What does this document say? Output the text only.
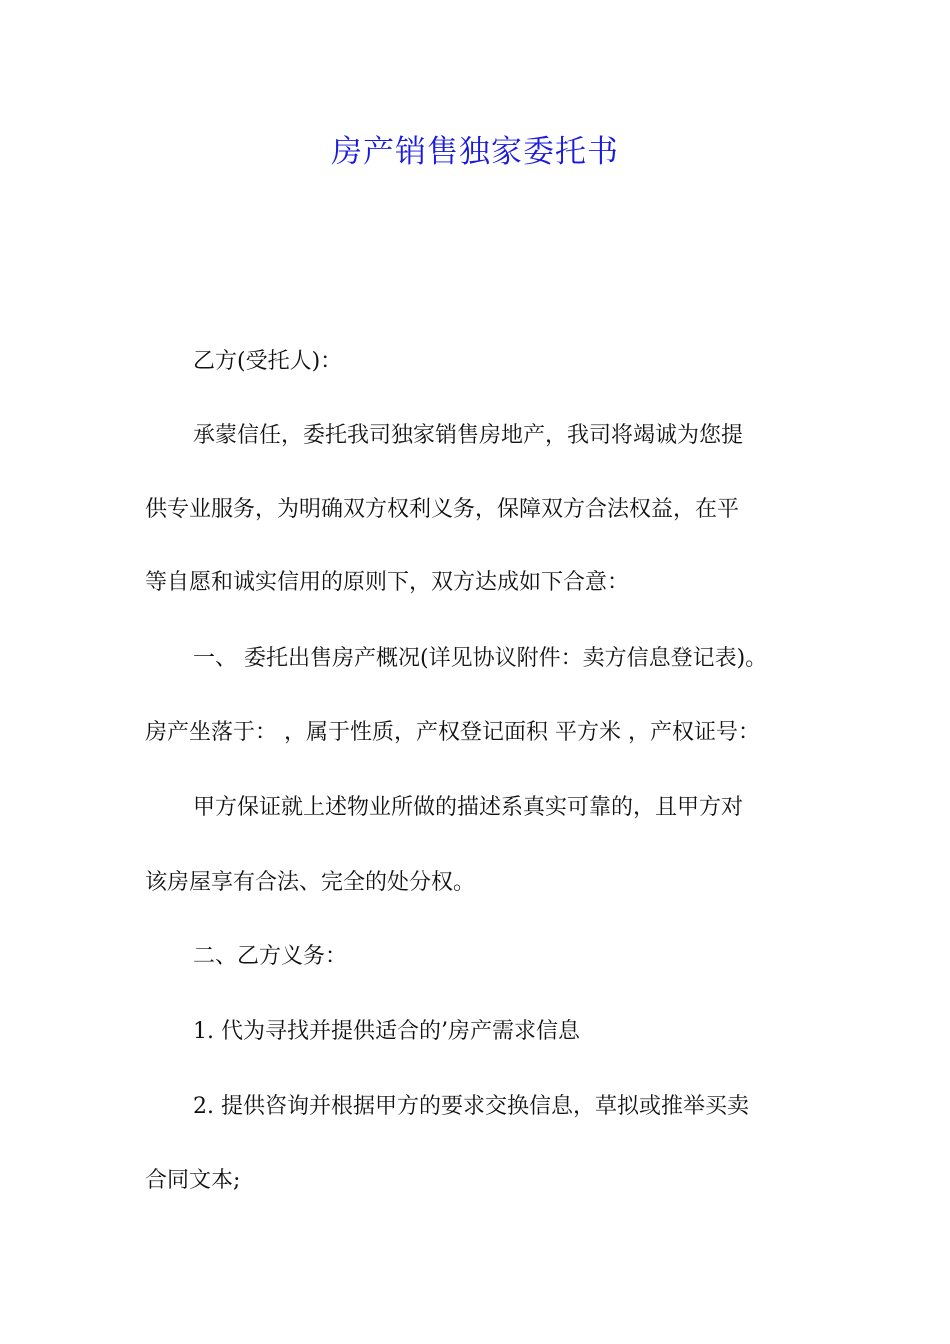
房产销售独家委托书
乙方(受托人)：
承蒙信任，委托我司独家销售房地产，我司将竭诚为您提
供专业服务，为明确双方权利义务，保障双方合法权益，在平
等自愿和诚实信用的原则下，双方达成如下合意：
一、 委托出售房产概况(详见协议附件：卖方信息登记表)。
房产坐落于： ，属于性质，产权登记面积 平方米 ，产权证号：
甲方保证就上述物业所做的描述系真实可靠的，且甲方对
该房屋享有合法、完全的处分权。
二、乙方义务：
1. 代为寻找并提供适合的’房产需求信息
2. 提供咨询并根据甲方的要求交换信息，草拟或推举买卖
合同文本;
